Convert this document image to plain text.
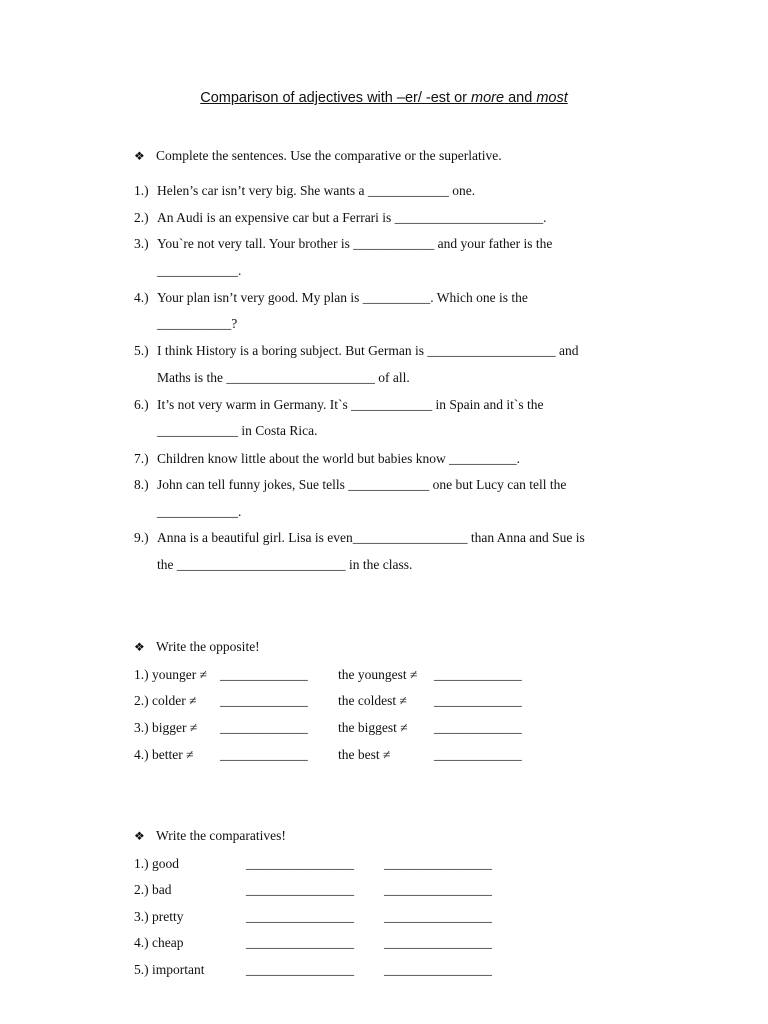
Comparison of adjectives with –er/ -est or more and most
❖ Complete the sentences. Use the comparative or the superlative.
1.) Helen’s car isn’t very big. She wants a ____________ one.
2.) An Audi is an expensive car but a Ferrari is ______________________.
3.) You`re not very tall. Your brother is ____________ and your father is the
____________.
4.) Your plan isn’t very good. My plan is __________. Which one is the
___________?
5.) I think History is a boring subject. But German is ___________________ and
Maths is the ______________________ of all.
6.) It’s not very warm in Germany. It`s ____________ in Spain and it`s the
____________ in Costa Rica.
7.) Children know little about the world but babies know __________.
8.) John can tell funny jokes, Sue tells ____________ one but Lucy can tell the
____________.
9.) Anna is a beautiful girl. Lisa is even_________________ than Anna and Sue is
the _________________________ in the class.
❖ Write the opposite!
1.) younger ≠ _____________ the youngest ≠ _____________
2.) colder ≠ _____________ the coldest ≠ _____________
3.) bigger ≠ _____________ the biggest ≠ _____________
4.) better ≠ _____________ the best ≠	_____________
❖ Write the comparatives!
1.) good	________________ ________________
2.) bad	________________ ________________
3.) pretty	________________ ________________
4.) cheap	________________ ________________
5.) important	________________ ________________
